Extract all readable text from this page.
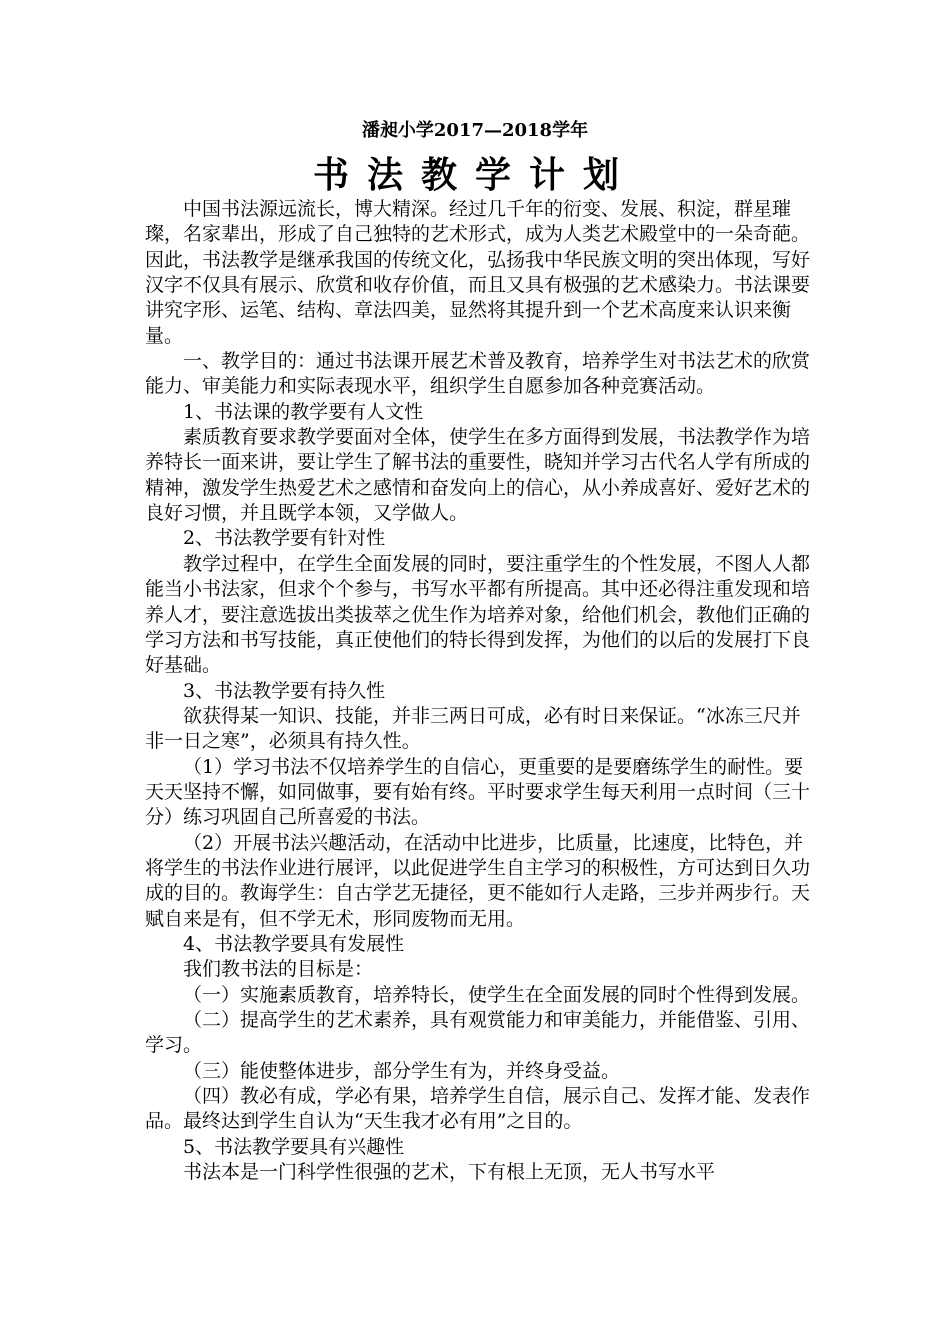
潘昶小学2017—2018学年
书法教学计划

中国书法源远流长，博大精深。经过几千年的衍变、发展、积淀，群星璀璨，名家辈出，形成了自己独特的艺术形式，成为人类艺术殿堂中的一朵奇葩。因此，书法教学是继承我国的传统文化，弘扬我中华民族文明的突出体现，写好汉字不仅具有展示、欣赏和收存价值，而且又具有极强的艺术感染力。书法课要讲究字形、运笔、结构、章法四美，显然将其提升到一个艺术高度来认识来衡量。

一、教学目的：通过书法课开展艺术普及教育，培养学生对书法艺术的欣赏能力、审美能力和实际表现水平，组织学生自愿参加各种竞赛活动。

1、书法课的教学要有人文性

素质教育要求教学要面对全体，使学生在多方面得到发展，书法教学作为培养特长一面来讲，要让学生了解书法的重要性，晓知并学习古代名人学有所成的精神，激发学生热爱艺术之感情和奋发向上的信心，从小养成喜好、爱好艺术的良好习惯，并且既学本领，又学做人。

2、书法教学要有针对性

教学过程中，在学生全面发展的同时，要注重学生的个性发展，不图人人都能当小书法家，但求个个参与，书写水平都有所提高。其中还必得注重发现和培养人才，要注意选拔出类拔萃之优生作为培养对象，给他们机会，教他们正确的学习方法和书写技能，真正使他们的特长得到发挥，为他们的以后的发展打下良好基础。

3、书法教学要有持久性

欲获得某一知识、技能，并非三两日可成，必有时日来保证。“冰冻三尺并非一日之寒”，必须具有持久性。

（1）学习书法不仅培养学生的自信心，更重要的是要磨练学生的耐性。要天天坚持不懈，如同做事，要有始有终。平时要求学生每天利用一点时间（三十分）练习巩固自己所喜爱的书法。

（2）开展书法兴趣活动，在活动中比进步，比质量，比速度，比特色，并将学生的书法作业进行展评，以此促进学生自主学习的积极性，方可达到日久功成的目的。教诲学生：自古学艺无捷径，更不能如行人走路，三步并两步行。天赋自来是有，但不学无术，形同废物而无用。

4、书法教学要具有发展性

我们教书法的目标是：

（一）实施素质教育，培养特长，使学生在全面发展的同时个性得到发展。

（二）提高学生的艺术素养，具有观赏能力和审美能力，并能借鉴、引用、学习。

（三）能使整体进步，部分学生有为，并终身受益。

（四）教必有成，学必有果，培养学生自信，展示自己、发挥才能、发表作品。最终达到学生自认为“天生我才必有用”之目的。

5、书法教学要具有兴趣性

书法本是一门科学性很强的艺术，下有根上无顶，无人书写水平
